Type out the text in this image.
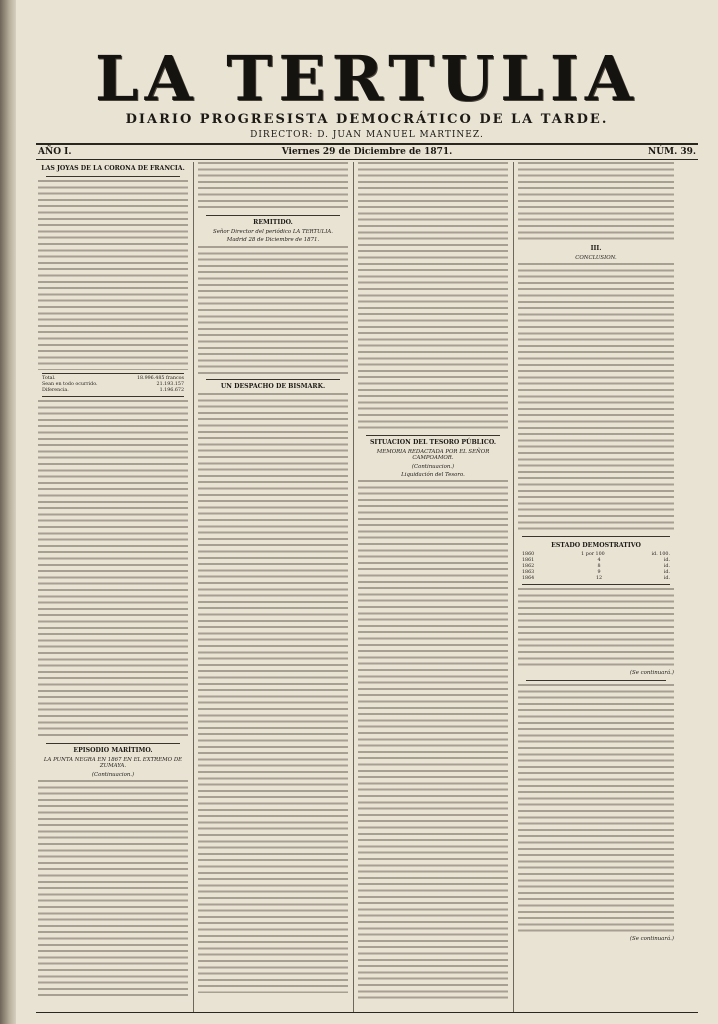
LA TERTULIA
DIARIO PROGRESISTA DEMOCRÁTICO DE LA TARDE.
DIRECTOR: D. JUAN MANUEL MARTINEZ.
AÑO I.	Viernes 29 de Diciembre de 1871.	NÚM. 39.
LAS JOYAS DE LA CORONA DE FRANCIA.
Total.	18.996.485 francos
Sean en todo ocurrido.	21.193.157
Diferencia.	1.196.672
EPISODIO MARÍTIMO.
LA PUNTA NEGRA EN 1867 EN EL EXTREMO DE ZUMAYA.
(Continuacion.)
REMITIDO.
Señor Director del periódico LA TERTULIA.
Madrid 28 de Diciembre de 1871.
UN DESPACHO DE BISMARK.
SITUACION DEL TESORO PÚBLICO.
MEMORIA REDACTADA POR EL SEÑOR CAMPOAMOR.
(Continuacion.)
Liquidación del Tesoro.
III.
CONCLUSION.
ESTADO DEMOSTRATIVO
1860	1 por 100	id. 100.
1861	4	id.
1862	8	id.
1863	9	id.
1864	12	id.
(Se continuará.)
(Se continuará.)
